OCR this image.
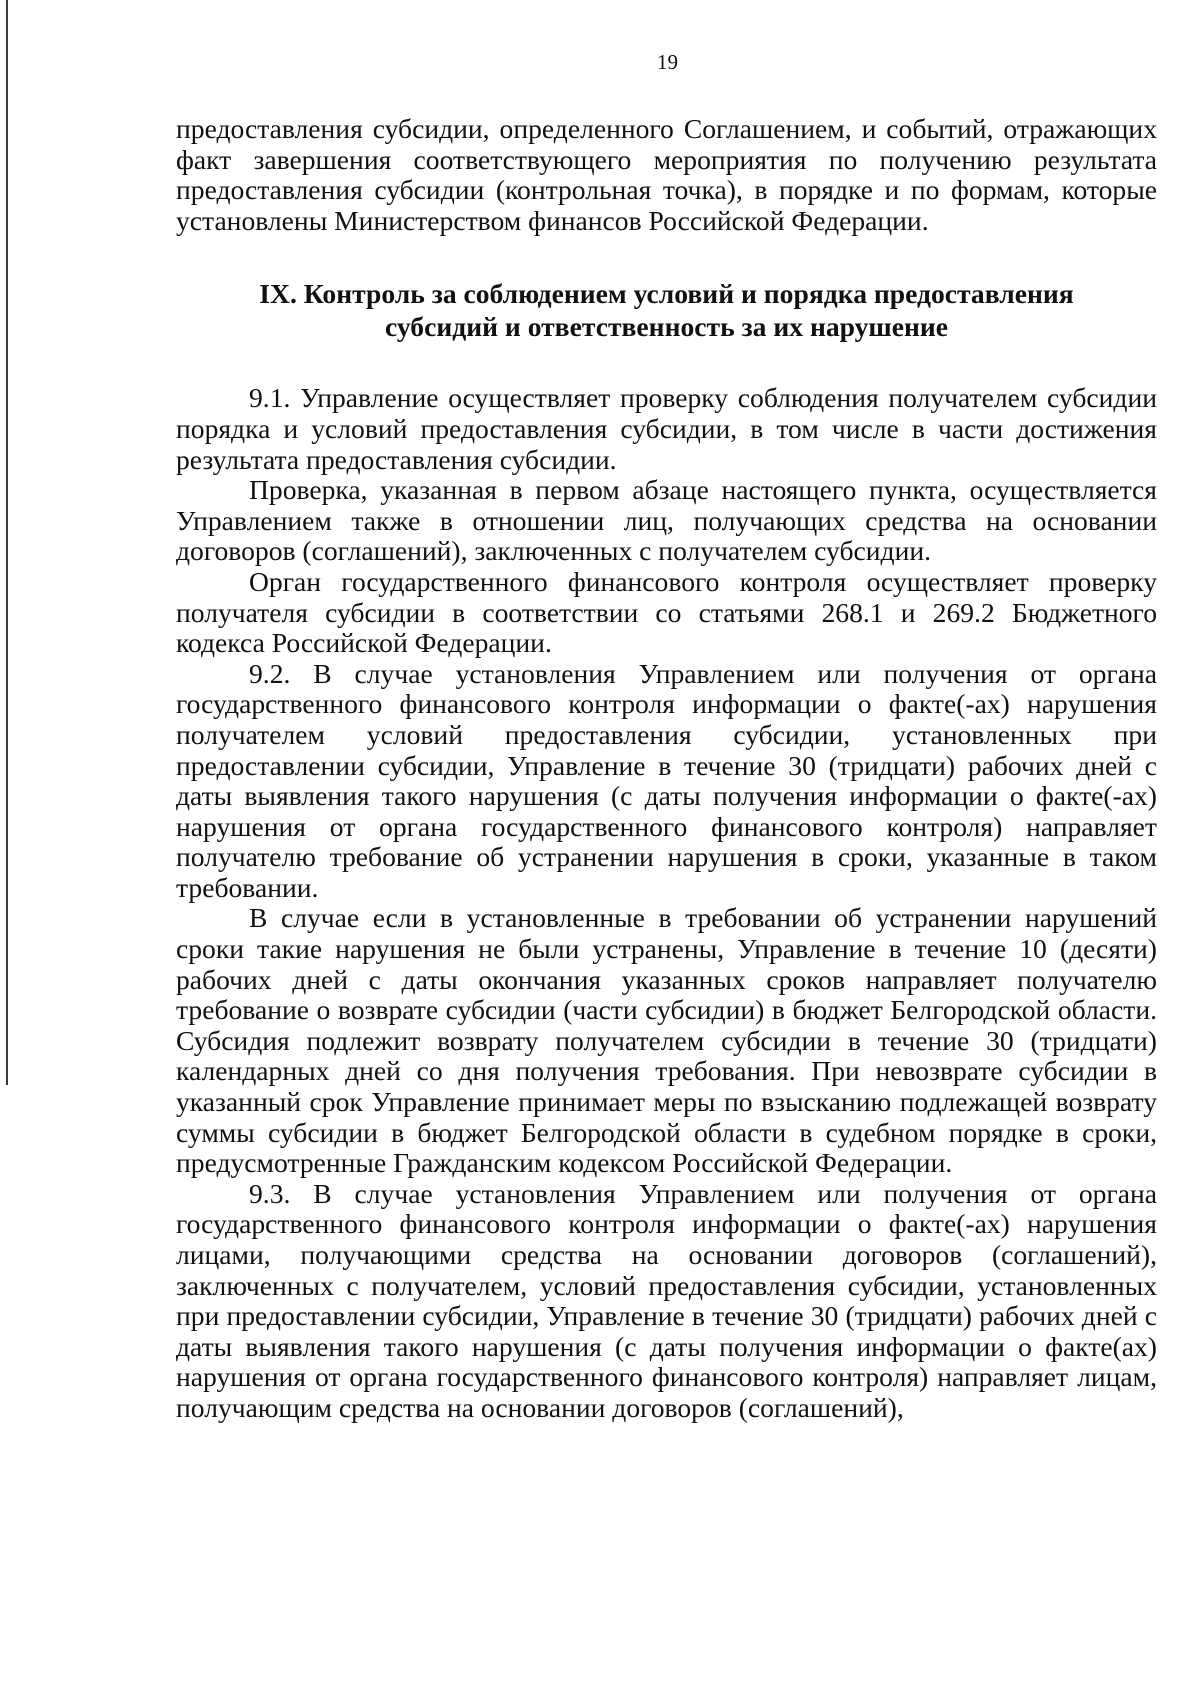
19

предоставления субсидии, определенного Соглашением, и событий, отражающих факт завершения соответствующего мероприятия по получению результата предоставления субсидии (контрольная точка), в порядке и по формам, которые установлены Министерством финансов Российской Федерации.

IX. Контроль за соблюдением условий и порядка предоставления
субсидий и ответственность за их нарушение

9.1. Управление осуществляет проверку соблюдения получателем субсидии порядка и условий предоставления субсидии, в том числе в части достижения результата предоставления субсидии.

Проверка, указанная в первом абзаце настоящего пункта, осуществляется Управлением также в отношении лиц, получающих средства на основании договоров (соглашений), заключенных с получателем субсидии.

Орган государственного финансового контроля осуществляет проверку получателя субсидии в соответствии со статьями 268.1 и 269.2 Бюджетного кодекса Российской Федерации.

9.2. В случае установления Управлением или получения от органа государственного финансового контроля информации о факте(-ах) нарушения получателем условий предоставления субсидии, установленных при предоставлении субсидии, Управление в течение 30 (тридцати) рабочих дней с даты выявления такого нарушения (с даты получения информации о факте(-ах) нарушения от органа государственного финансового контроля) направляет получателю требование об устранении нарушения в сроки, указанные в таком требовании.

В случае если в установленные в требовании об устранении нарушений сроки такие нарушения не были устранены, Управление в течение 10 (десяти) рабочих дней с даты окончания указанных сроков направляет получателю требование о возврате субсидии (части субсидии) в бюджет Белгородской области. Субсидия подлежит возврату получателем субсидии в течение 30 (тридцати) календарных дней со дня получения требования. При невозврате субсидии в указанный срок Управление принимает меры по взысканию подлежащей возврату суммы субсидии в бюджет Белгородской области в судебном порядке в сроки, предусмотренные Гражданским кодексом Российской Федерации.

9.3. В случае установления Управлением или получения от органа государственного финансового контроля информации о факте(-ах) нарушения лицами, получающими средства на основании договоров (соглашений), заключенных с получателем, условий предоставления субсидии, установленных при предоставлении субсидии, Управление в течение 30 (тридцати) рабочих дней с даты выявления такого нарушения (с даты получения информации о факте(ах) нарушения от органа государственного финансового контроля) направляет лицам, получающим средства на основании договоров (соглашений),
